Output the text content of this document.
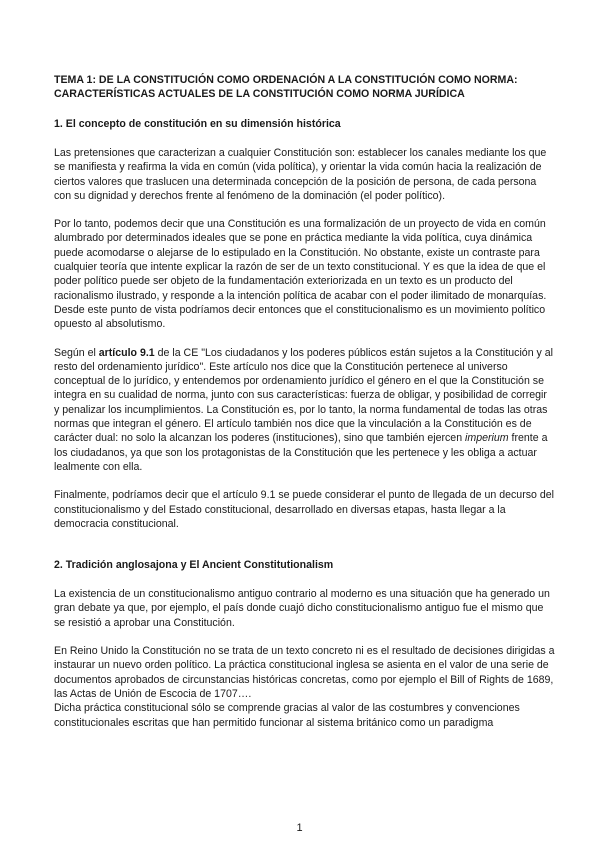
TEMA 1: DE LA CONSTITUCIÓN COMO ORDENACIÓN A LA CONSTITUCIÓN COMO NORMA:
CARACTERÍSTICAS ACTUALES DE LA CONSTITUCIÓN COMO NORMA JURÍDICA
1. El concepto de constitución en su dimensión histórica

Las pretensiones que caracterizan a cualquier Constitución son: establecer los canales mediante los que se manifiesta y reafirma la vida en común (vida política), y orientar la vida común hacia la realización de ciertos valores que traslucen una determinada concepción de la posición de persona, de cada persona con su dignidad y derechos frente al fenómeno de la dominación (el poder político).

Por lo tanto, podemos decir que una Constitución es una formalización de un proyecto de vida en común alumbrado por determinados ideales que se pone en práctica mediante la vida política, cuya dinámica puede acomodarse o alejarse de lo estipulado en la Constitución. No obstante, existe un contraste para cualquier teoría que intente explicar la razón de ser de un texto constitucional. Y es que la idea de que el poder político puede ser objeto de la fundamentación exteriorizada en un texto es un producto del racionalismo ilustrado, y responde a la intención política de acabar con el poder ilimitado de monarquías. Desde este punto de vista podríamos decir entonces que el constitucionalismo es un movimiento político opuesto al absolutismo.

Según el artículo 9.1 de la CE "Los ciudadanos y los poderes públicos están sujetos a la Constitución y al resto del ordenamiento jurídico". Este artículo nos dice que la Constitución pertenece al universo conceptual de lo jurídico, y entendemos por ordenamiento jurídico el género en el que la Constitución se integra en su cualidad de norma, junto con sus características: fuerza de obligar, y posibilidad de corregir y penalizar los incumplimientos. La Constitución es, por lo tanto, la norma fundamental de todas las otras normas que integran el género. El artículo también nos dice que la vinculación a la Constitución es de carácter dual: no solo la alcanzan los poderes (instituciones), sino que también ejercen imperium frente a los ciudadanos, ya que son los protagonistas de la Constitución que les pertenece y les obliga a actuar lealmente con ella.

Finalmente, podríamos decir que el artículo 9.1 se puede considerar el punto de llegada de un decurso del constitucionalismo y del Estado constitucional, desarrollado en diversas etapas, hasta llegar a la democracia constitucional.

2. Tradición anglosajona y El Ancient Constitutionalism

La existencia de un constitucionalismo antiguo contrario al moderno es una situación que ha generado un gran debate ya que, por ejemplo, el país donde cuajó dicho constitucionalismo antiguo fue el mismo que se resistió a aprobar una Constitución.

En Reino Unido la Constitución no se trata de un texto concreto ni es el resultado de decisiones dirigidas a instaurar un nuevo orden político. La práctica constitucional inglesa se asienta en el valor de una serie de documentos aprobados de circunstancias históricas concretas, como por ejemplo el Bill of Rights de 1689, las Actas de Unión de Escocia de 1707….

Dicha práctica constitucional sólo se comprende gracias al valor de las costumbres y convenciones constitucionales escritas que han permitido funcionar al sistema británico como un paradigma

1
